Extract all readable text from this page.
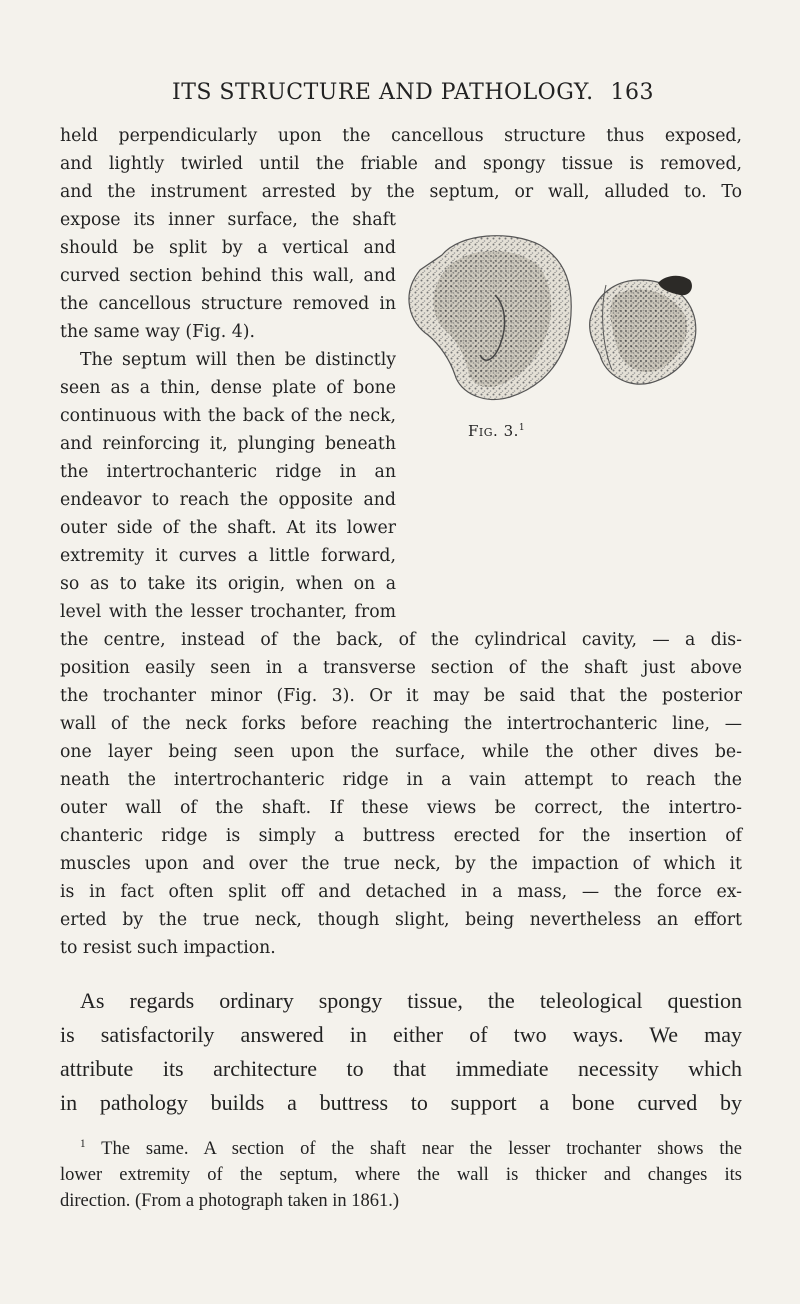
ITS STRUCTURE AND PATHOLOGY. 163
held perpendicularly upon the cancellous structure thus exposed,
and lightly twirled until the friable and spongy tissue is removed,
and the instrument arrested by the septum, or wall, alluded to. To
expose its inner surface, the shaft
should be split by a vertical and
curved section behind this wall, and
the cancellous structure removed in
the same way (Fig. 4).
The septum will then be distinctly
seen as a thin, dense plate of bone
continuous with the back of the neck,
and reinforcing it, plunging beneath
the intertrochanteric ridge in an
endeavor to reach the opposite and
outer side of the shaft. At its lower
extremity it curves a little forward,
so as to take its origin, when on a
level with the lesser trochanter, from
the centre, instead of the back, of the cylindrical cavity, — a dis-
position easily seen in a transverse section of the shaft just above
the trochanter minor (Fig. 3). Or it may be said that the posterior
wall of the neck forks before reaching the intertrochanteric line, —
one layer being seen upon the surface, while the other dives be-
neath the intertrochanteric ridge in a vain attempt to reach the
outer wall of the shaft. If these views be correct, the intertro-
chanteric ridge is simply a buttress erected for the insertion of
muscles upon and over the true neck, by the impaction of which it
is in fact often split off and detached in a mass, — the force ex-
erted by the true neck, though slight, being nevertheless an effort
to resist such impaction.
As regards ordinary spongy tissue, the teleological question
is satisfactorily answered in either of two ways. We may
attribute its architecture to that immediate necessity which
in pathology builds a buttress to support a bone curved by
Fig. 3.$^1$
$^1$ The same. A section of the shaft near the lesser trochanter shows the
lower extremity of the septum, where the wall is thicker and changes its
direction. (From a photograph taken in 1861.)
